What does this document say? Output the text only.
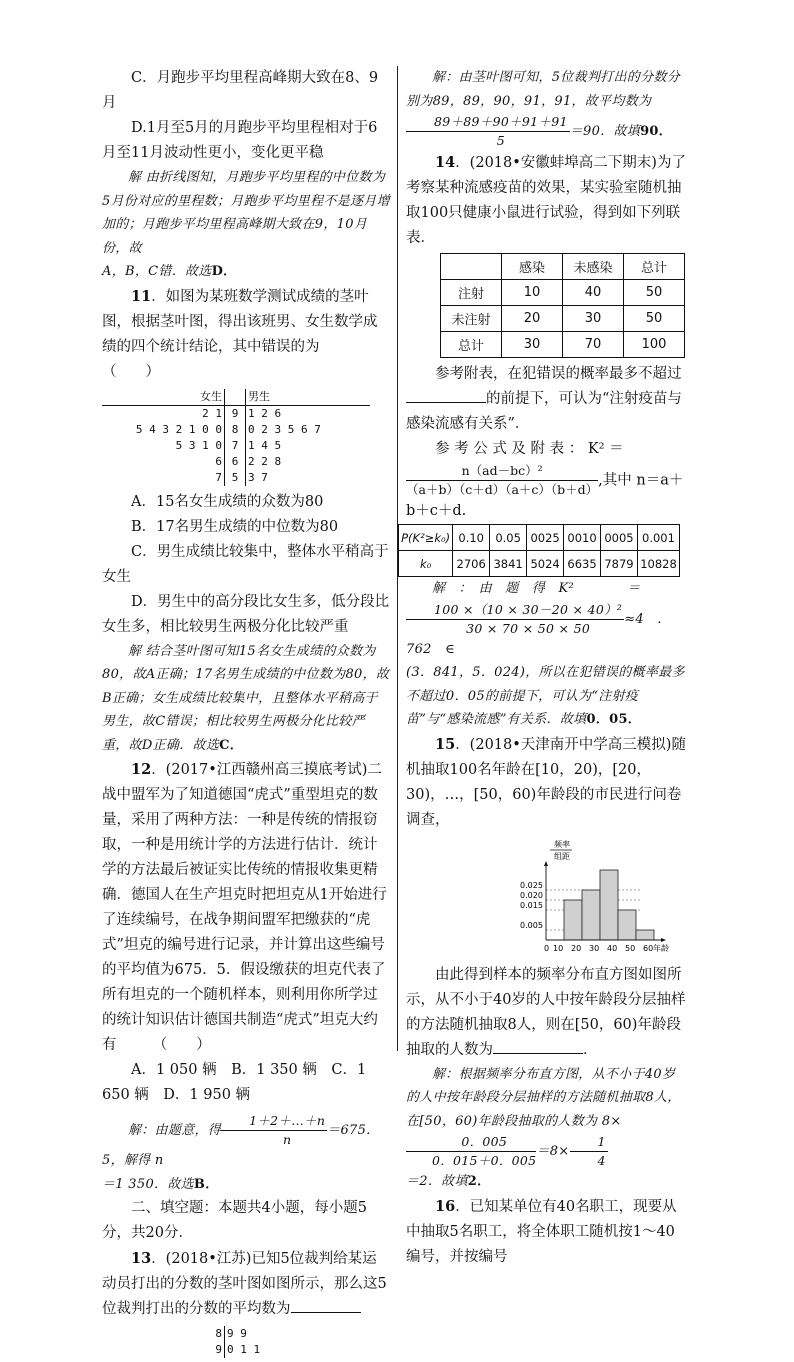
C．月跑步平均里程高峰期大致在8、9月

D.1月至5月的月跑步平均里程相对于6月至11月波动性更小，变化更平稳

解 由折线图知，月跑步平均里程的中位数为5月份对应的里程数；月跑步平均里程不是逐月增加的；月跑步平均里程高峰期大致在9，10月份，故
A，B，C错．故选D．

11．如图为某班数学测试成绩的茎叶图，根据茎叶图，得出该班男、女生数学成绩的四个统计结论，其中错误的为　　　　　　　　（　　）

女生		男生
2 1	9	1 2 6
5 4 3 2 1 0 0	8	0 2 3 5 6 7
5 3 1 0	7	1 4 5
6	6	2 2 8
7	5	3 7

A．15名女生成绩的众数为80

B．17名男生成绩的中位数为80

C．男生成绩比较集中，整体水平稍高于女生

D．男生中的高分段比女生多，低分段比女生多，相比较男生两极分化比较严重

解 结合茎叶图可知15名女生成绩的众数为80，故A正确；17名男生成绩的中位数为80，故B正确；女生成绩比较集中，且整体水平稍高于男生，故C错误；相比较男生两极分化比较严重，故D正确．故选C．

12．(2017•江西赣州高三摸底考试)二战中盟军为了知道德国“虎式”重型坦克的数量，采用了两种方法：一种是传统的情报窃取，一种是用统计学的方法进行估计．统计学的方法最后被证实比传统的情报收集更精确．德国人在生产坦克时把坦克从1开始进行了连续编号，在战争期间盟军把缴获的“虎式”坦克的编号进行记录，并计算出这些编号的平均值为675．5．假设缴获的坦克代表了所有坦克的一个随机样本，则利用你所学过的统计知识估计德国共制造“虎式”坦克大约有　　　（　　）

A．1 050 辆　B．1 350 辆　C．1 650 辆　D．1 950 辆

解：由题意，得 $\frac{1+2+\dots+n}{n} =675$．5，解得 n
＝1 350．故选B．

二、填空题：本题共4小题，每小题5分，共20分．

13．(2018•江苏)已知5位裁判给某运动员打出的分数的茎叶图如图所示，那么这5位裁判打出的分数的平均数为

8	9 9
9	0 1 1

解：由茎叶图可知，5位裁判打出的分数分别为89，89，90，91，91，故平均数为

$\frac{89+89+90+91+91}{5} =90$．故填90．

14．(2018•安徽蚌埠高二下期末)为了考察某种流感疫苗的效果，某实验室随机抽取100只健康小鼠进行试验，得到如下列联表．

	感染	未感染	总计
注射	10	40	50
未注射	20	30	50
总计	30	70	100

参考附表，在犯错误的概率最多不超过
的前提下，可认为“注射疫苗与感染流感有关系”．

参 考 公 式 及 附 表 ： K² ＝

$\frac{\text{n（ad－bc）²}}{(a+b)(c+d)(a+c)(b+d)}$ ,其中 n＝a＋b＋c＋d.

P(K²≥k₀)	0.10	0.05	0025	0010	0005	0.001
k₀	2706	3841	5024	6635	7879	10828

解　：　由　题　得　K²　　　　＝

$\frac{\text{100 ×（10 × 30－20 × 40）²}}{30 \times 70 \times 50 \times 50} \approx 4$　．762　∈
(3．841，5．024)，所以在犯错误的概率最多不超过0．05的前提下，可认为“注射疫苗”与“感染流感”有关系．故填0．05．

15．(2018•天津南开中学高三模拟)随机抽取100名年龄在[10，20)，[20，30)，…，[50，60)年龄段的市民进行问卷调查，

频率
组距
0.025
0.020
0.015
0.005
0 10 20 30 40 50 60 年龄

由此得到样本的频率分布直方图如图所示，从不小于40岁的人中按年龄段分层抽样的方法随机抽取8人，则在[50，60)年龄段抽取的人数为	．

解：根据频率分布直方图，从不小于40岁的人中按年龄段分层抽样的方法随机抽取8人，在[50，60)年龄段抽取的人数为 8×
$\frac{0.005}{0.015+0.005} =8\times \frac{1}{4}$

＝2．故填2．

16．已知某单位有40名职工，现要从中抽取5名职工，将全体职工随机按1～40编号，并按编号
